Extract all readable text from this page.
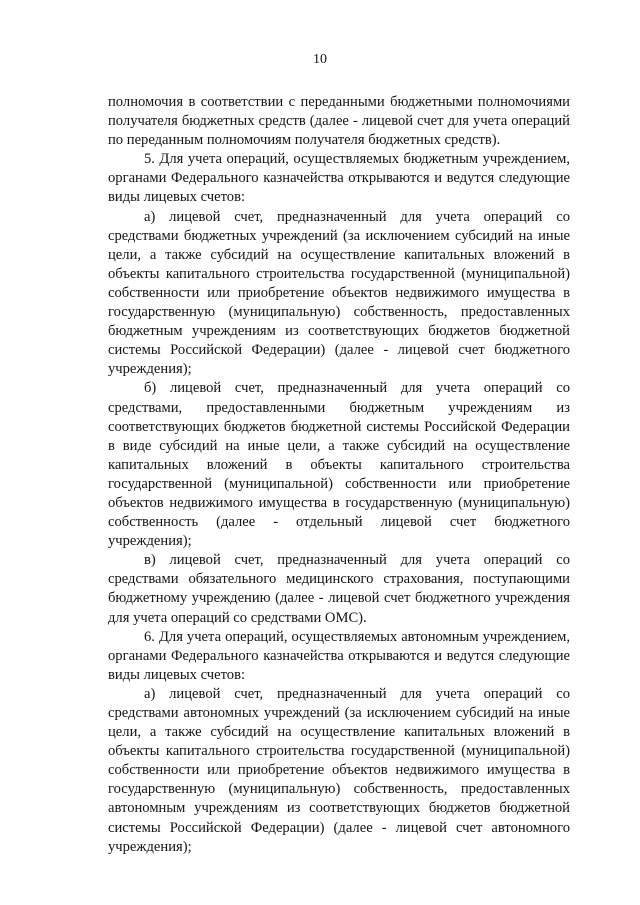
10

полномочия в соответствии с переданными бюджетными полномочиями получателя бюджетных средств (далее - лицевой счет для учета операций по переданным полномочиям получателя бюджетных средств).

5. Для учета операций, осуществляемых бюджетным учреждением, органами Федерального казначейства открываются и ведутся следующие виды лицевых счетов:

а) лицевой счет, предназначенный для учета операций со средствами бюджетных учреждений (за исключением субсидий на иные цели, а также субсидий на осуществление капитальных вложений в объекты капитального строительства государственной (муниципальной) собственности или приобретение объектов недвижимого имущества в государственную (муниципальную) собственность, предоставленных бюджетным учреждениям из соответствующих бюджетов бюджетной системы Российской Федерации) (далее - лицевой счет бюджетного учреждения);

б) лицевой счет, предназначенный для учета операций со средствами, предоставленными бюджетным учреждениям из соответствующих бюджетов бюджетной системы Российской Федерации в виде субсидий на иные цели, а также субсидий на осуществление капитальных вложений в объекты капитального строительства государственной (муниципальной) собственности или приобретение объектов недвижимого имущества в государственную (муниципальную) собственность (далее - отдельный лицевой счет бюджетного учреждения);

в) лицевой счет, предназначенный для учета операций со средствами обязательного медицинского страхования, поступающими бюджетному учреждению (далее - лицевой счет бюджетного учреждения для учета операций со средствами ОМС).

6. Для учета операций, осуществляемых автономным учреждением, органами Федерального казначейства открываются и ведутся следующие виды лицевых счетов:

а) лицевой счет, предназначенный для учета операций со средствами автономных учреждений (за исключением субсидий на иные цели, а также субсидий на осуществление капитальных вложений в объекты капитального строительства государственной (муниципальной) собственности или приобретение объектов недвижимого имущества в государственную (муниципальную) собственность, предоставленных автономным учреждениям из соответствующих бюджетов бюджетной системы Российской Федерации) (далее - лицевой счет автономного учреждения);
